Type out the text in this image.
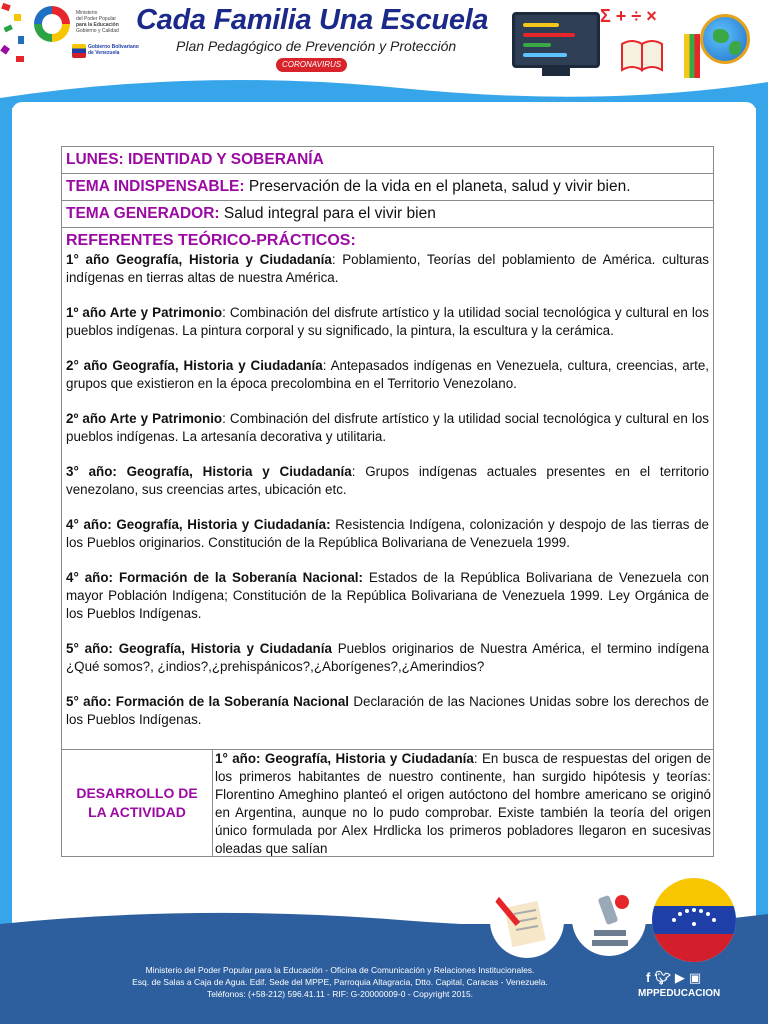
Ministerio
del Poder Popular
para la Educación
Gobierno y Calidad
Gobierno Bolivariano de Venezuela
Cada Familia Una Escuela
Plan Pedagógico de Prevención y Protección
CORONAVIRUS
Σ + ÷ ×
LUNES: IDENTIDAD Y SOBERANÍA
TEMA INDISPENSABLE: Preservación de la vida en el planeta, salud y vivir bien.
TEMA GENERADOR: Salud integral para el vivir bien
REFERENTES TEÓRICO-PRÁCTICOS:
1° año Geografía, Historia y Ciudadanía: Poblamiento, Teorías del poblamiento de América. culturas indígenas en tierras altas de nuestra América.
1º año Arte y Patrimonio: Combinación del disfrute artístico y la utilidad social tecnológica y cultural en los pueblos indígenas. La pintura corporal y su significado, la pintura, la escultura y la cerámica.
2° año Geografía, Historia y Ciudadanía: Antepasados indígenas en Venezuela, cultura, creencias, arte, grupos que existieron en la época precolombina en el Territorio Venezolano.
2º año Arte y Patrimonio: Combinación del disfrute artístico y la utilidad social tecnológica y cultural en los pueblos indígenas. La artesanía decorativa y utilitaria.
3° año: Geografía, Historia y Ciudadanía: Grupos indígenas actuales presentes en el territorio venezolano, sus creencias artes, ubicación etc.
4° año: Geografía, Historia y Ciudadanía: Resistencia Indígena, colonización y despojo de las tierras de los Pueblos originarios. Constitución de la República Bolivariana de Venezuela 1999.
4° año: Formación de la Soberanía Nacional: Estados de la República Bolivariana de Venezuela con mayor Población Indígena; Constitución de la República Bolivariana de Venezuela 1999. Ley Orgánica de los Pueblos Indígenas.
5° año: Geografía, Historia y Ciudadanía Pueblos originarios de Nuestra América, el termino indígena ¿Qué somos?, ¿indios?,¿prehispánicos?,¿Aborígenes?,¿Amerindios?
5° año: Formación de la Soberanía Nacional Declaración de las Naciones Unidas sobre los derechos de los Pueblos Indígenas.
DESARROLLO DE LA ACTIVIDAD
1° año: Geografía, Historia y Ciudadanía: En busca de respuestas del origen de los primeros habitantes de nuestro continente, han surgido hipótesis y teorías: Florentino Ameghino planteó el origen autóctono del hombre americano se originó en Argentina, aunque no lo pudo comprobar. Existe también la teoría del origen único formulada por Alex Hrdlicka los primeros pobladores llegaron en sucesivas oleadas que salían
Ministerio del Poder Popular para la Educación - Oficina de Comunicación y Relaciones Institucionales.
Esq. de Salas a Caja de Agua. Edif. Sede del MPPE, Parroquia Altagracia, Dtto. Capital, Caracas - Venezuela.
Teléfonos: (+58-212) 596.41.11 - RIF: G-20000009-0 - Copyright 2015.
f🐦︎▶▣
MPPEDUCACION
